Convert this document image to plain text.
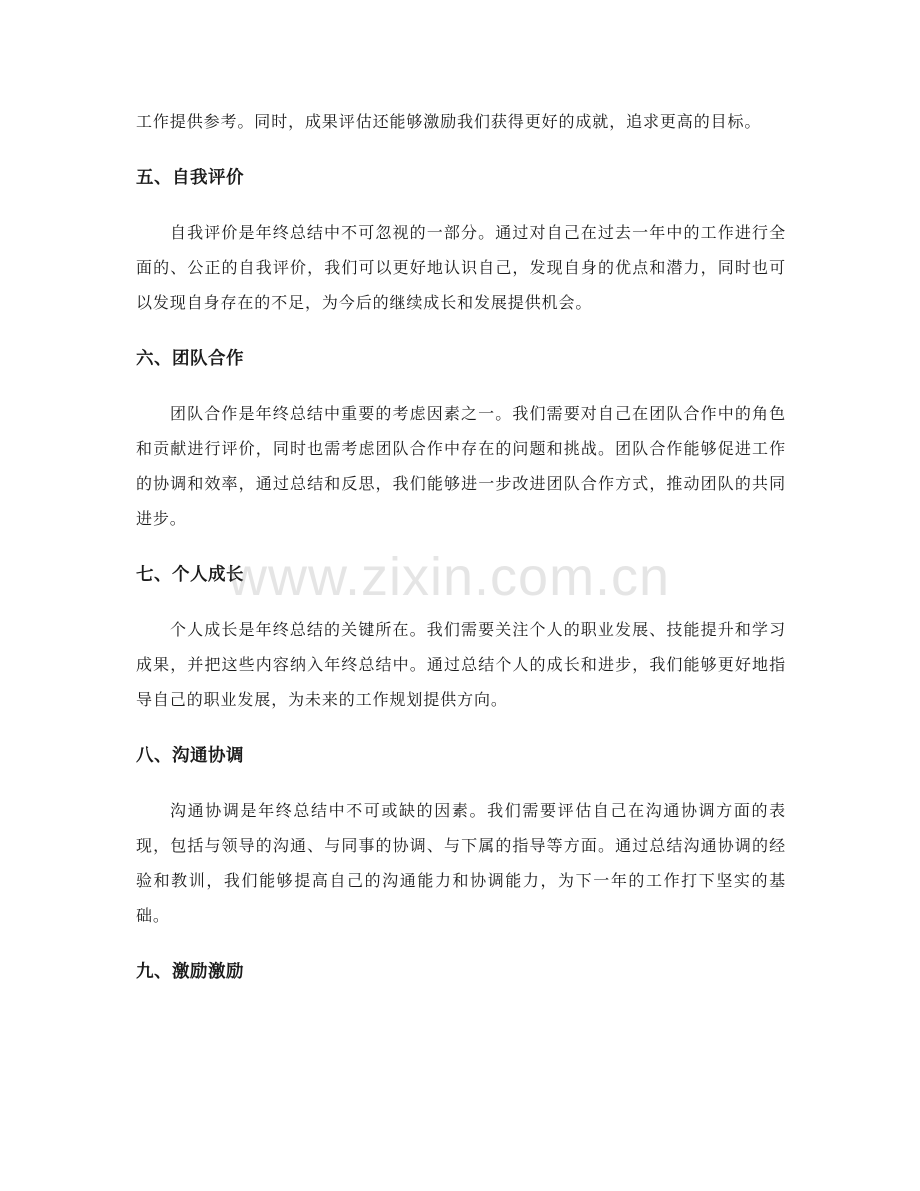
工作提供参考。同时，成果评估还能够激励我们获得更好的成就，追求更高的目标。

五、自我评价

自我评价是年终总结中不可忽视的一部分。通过对自己在过去一年中的工作进行全面的、公正的自我评价，我们可以更好地认识自己，发现自身的优点和潜力，同时也可以发现自身存在的不足，为今后的继续成长和发展提供机会。

六、团队合作

团队合作是年终总结中重要的考虑因素之一。我们需要对自己在团队合作中的角色和贡献进行评价，同时也需考虑团队合作中存在的问题和挑战。团队合作能够促进工作的协调和效率，通过总结和反思，我们能够进一步改进团队合作方式，推动团队的共同进步。

七、个人成长

个人成长是年终总结的关键所在。我们需要关注个人的职业发展、技能提升和学习成果，并把这些内容纳入年终总结中。通过总结个人的成长和进步，我们能够更好地指导自己的职业发展，为未来的工作规划提供方向。

八、沟通协调

沟通协调是年终总结中不可或缺的因素。我们需要评估自己在沟通协调方面的表现，包括与领导的沟通、与同事的协调、与下属的指导等方面。通过总结沟通协调的经验和教训，我们能够提高自己的沟通能力和协调能力，为下一年的工作打下坚实的基础。

九、激励激励
www.zixin.com.cn
